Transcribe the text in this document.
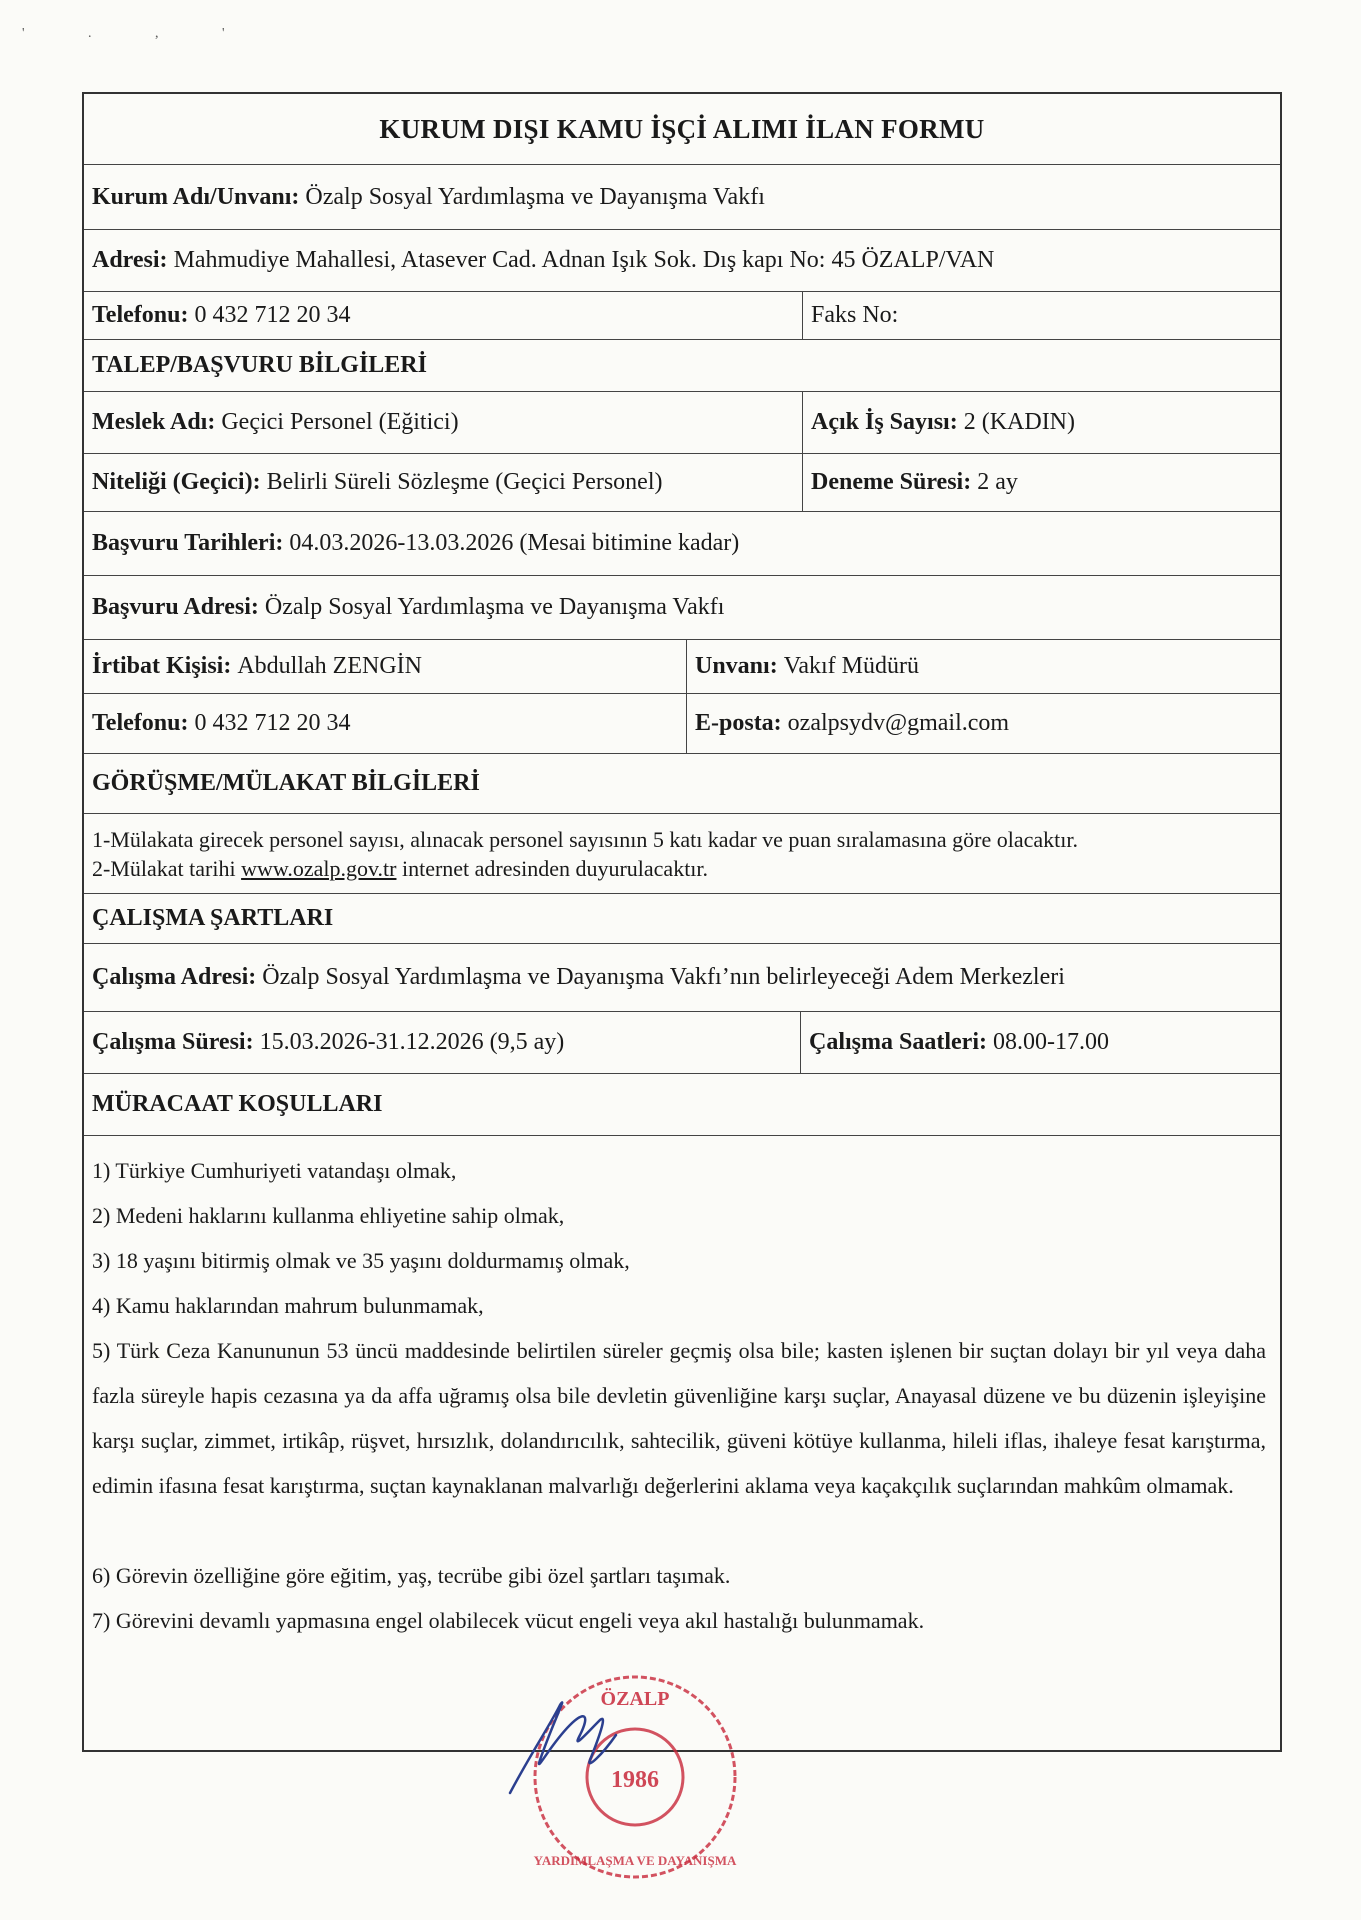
' . , '
KURUM DIŞI KAMU İŞÇİ ALIMI İLAN FORMU
Kurum Adı/Unvanı:
Özalp Sosyal Yardımlaşma ve Dayanışma Vakfı
Adresi:
Mahmudiye Mahallesi, Atasever Cad. Adnan Işık Sok. Dış kapı No: 45 ÖZALP/VAN
Telefonu:
0 432 712 20 34	Faks No:
TALEP/BAŞVURU BİLGİLERİ
Meslek Adı:
Geçici Personel (Eğitici)	Açık İş Sayısı:
2 (KADIN)
Niteliği (Geçici):
Belirli Süreli Sözleşme (Geçici Personel)	Deneme Süresi:
2 ay
Başvuru Tarihleri:
04.03.2026-13.03.2026 (Mesai bitimine kadar)
Başvuru Adresi:
Özalp Sosyal Yardımlaşma ve Dayanışma Vakfı
İrtibat Kişisi:
Abdullah ZENGİN	Unvanı:
Vakıf Müdürü
Telefonu:
0 432 712 20 34	E-posta:
ozalpsydv@gmail.com
GÖRÜŞME/MÜLAKAT BİLGİLERİ
1-Mülakata girecek personel sayısı, alınacak personel sayısının 5 katı kadar ve puan sıralamasına göre olacaktır.
2-Mülakat tarihi www.ozalp.gov.tr internet adresinden duyurulacaktır.
ÇALIŞMA ŞARTLARI
Çalışma Adresi:
Özalp Sosyal Yardımlaşma ve Dayanışma Vakfı’nın belirleyeceği Adem Merkezleri
Çalışma Süresi:
15.03.2026-31.12.2026 (9,5 ay)	Çalışma Saatleri:
08.00-17.00
MÜRACAAT KOŞULLARI
1) Türkiye Cumhuriyeti vatandaşı olmak,
2) Medeni haklarını kullanma ehliyetine sahip olmak,
3) 18 yaşını bitirmiş olmak ve 35 yaşını doldurmamış olmak,
4) Kamu haklarından mahrum bulunmamak,
5) Türk Ceza Kanununun 53 üncü maddesinde belirtilen süreler geçmiş olsa bile; kasten işlenen bir suçtan dolayı bir yıl veya daha fazla süreyle hapis cezasına ya da affa uğramış olsa bile devletin güvenliğine karşı suçlar, Anayasal düzene ve bu düzenin işleyişine karşı suçlar, zimmet, irtikâp, rüşvet, hırsızlık, dolandırıcılık, sahtecilik, güveni kötüye kullanma, hileli iflas, ihaleye fesat karıştırma, edimin ifasına fesat karıştırma, suçtan kaynaklanan malvarlığı değerlerini aklama veya kaçakçılık suçlarından mahkûm olmamak.
6) Görevin özelliğine göre eğitim, yaş, tecrübe gibi özel şartları taşımak.
7) Görevini devamlı yapmasına engel olabilecek vücut engeli veya akıl hastalığı bulunmamak.
ÖZALP
1986
YARDIMLAŞMA VE DAYANIŞMA
